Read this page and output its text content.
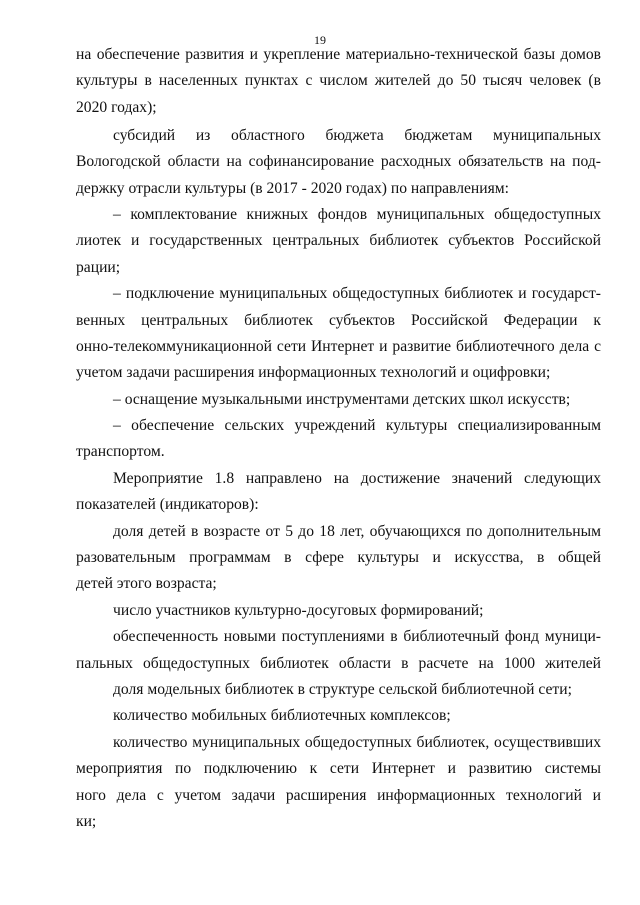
19
на обеспечение развития и укрепление материально-технической базы домов
культуры в населенных пунктах с числом жителей до 50 тысяч человек (в
2020 годах);
субсидий из областного бюджета бюджетам муниципальных
Вологодской области на софинансирование расходных обязательств на под-
держку отрасли культуры (в 2017 - 2020 годах) по направлениям:
– комплектование книжных фондов муниципальных общедоступных
лиотек и государственных центральных библиотек субъектов Российской
рации;
– подключение муниципальных общедоступных библиотек и государст-
венных центральных библиотек субъектов Российской Федерации к
онно-телекоммуникационной сети Интернет и развитие библиотечного дела с
учетом задачи расширения информационных технологий и оцифровки;
– оснащение музыкальными инструментами детских школ искусств;
– обеспечение сельских учреждений культуры специализированным
транспортом.
Мероприятие 1.8 направлено на достижение значений следующих
показателей (индикаторов):
доля детей в возрасте от 5 до 18 лет, обучающихся по дополнительным
разовательным программам в сфере культуры и искусства, в общей
детей этого возраста;
число участников культурно-досуговых формирований;
обеспеченность новыми поступлениями в библиотечный фонд муници-
пальных общедоступных библиотек области в расчете на 1000 жителей
доля модельных библиотек в структуре сельской библиотечной сети;
количество мобильных библиотечных комплексов;
количество муниципальных общедоступных библиотек, осуществивших
мероприятия по подключению к сети Интернет и развитию системы
ного дела с учетом задачи расширения информационных технологий и
ки;
